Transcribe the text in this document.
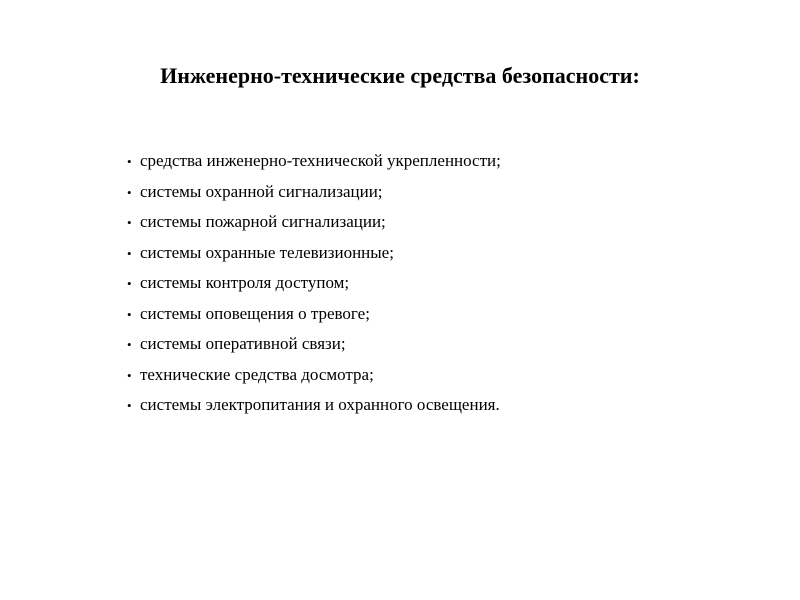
Инженерно-технические средства безопасности:
• средства инженерно-технической укрепленности;
• системы охранной сигнализации;
• системы пожарной сигнализации;
• системы охранные телевизионные;
• системы контроля доступом;
• системы оповещения о тревоге;
• системы оперативной связи;
• технические средства досмотра;
• системы электропитания и охранного освещения.
